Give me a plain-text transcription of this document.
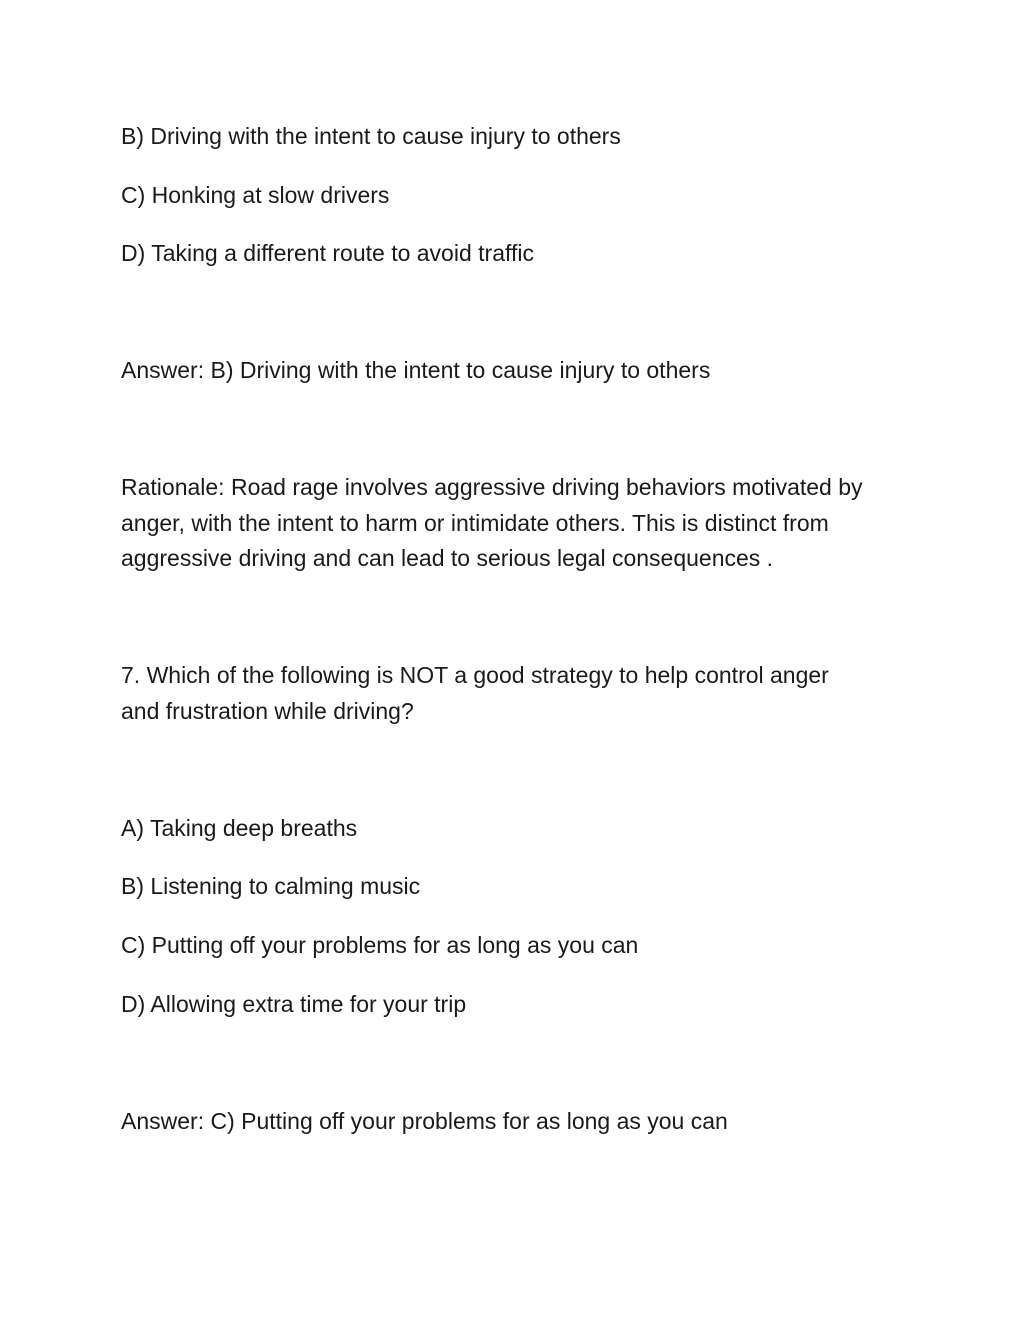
B) Driving with the intent to cause injury to others

C) Honking at slow drivers

D) Taking a different route to avoid traffic

Answer: B) Driving with the intent to cause injury to others

Rationale: Road rage involves aggressive driving behaviors motivated by
anger, with the intent to harm or intimidate others. This is distinct from
aggressive driving and can lead to serious legal consequences .
7. Which of the following is NOT a good strategy to help control anger
and frustration while driving?

A) Taking deep breaths

B) Listening to calming music

C) Putting off your problems for as long as you can

D) Allowing extra time for your trip

Answer: C) Putting off your problems for as long as you can
